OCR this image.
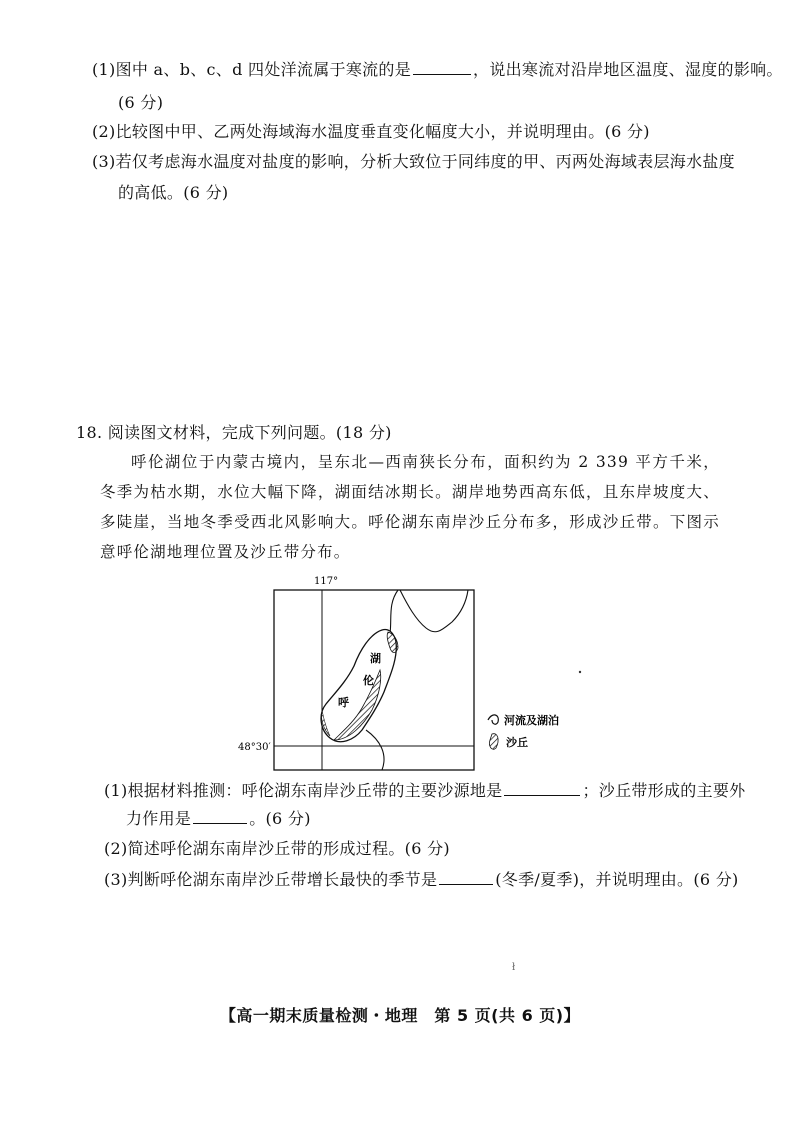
(1)图中 a、b、c、d 四处洋流属于寒流的是	，说出寒流对沿岸地区温度、湿度的影响。
(6 分)
(2)比较图中甲、乙两处海域海水温度垂直变化幅度大小，并说明理由。(6 分)
(3)若仅考虑海水温度对盐度的影响，分析大致位于同纬度的甲、丙两处海域表层海水盐度
的高低。(6 分)
18. 阅读图文材料，完成下列问题。(18 分)
呼伦湖位于内蒙古境内，呈东北—西南狭长分布，面积约为 2 339 平方千米，冬季为枯水期，水位大幅下降，湖面结冰期长。湖岸地势西高东低，且东岸坡度大、多陡崖，当地冬季受西北风影响大。呼伦湖东南岸沙丘分布多，形成沙丘带。下图示意呼伦湖地理位置及沙丘带分布。
117°
48°30′
湖
伦
呼
河流及湖泊
沙丘
(1)根据材料推测：呼伦湖东南岸沙丘带的主要沙源地是	；沙丘带形成的主要外
力作用是	。(6 分)
(2)简述呼伦湖东南岸沙丘带的形成过程。(6 分)
(3)判断呼伦湖东南岸沙丘带增长最快的季节是	(冬季/夏季)，并说明理由。(6 分)
ł
【高一期末质量检测・地理　第 5 页(共 6 页)】
